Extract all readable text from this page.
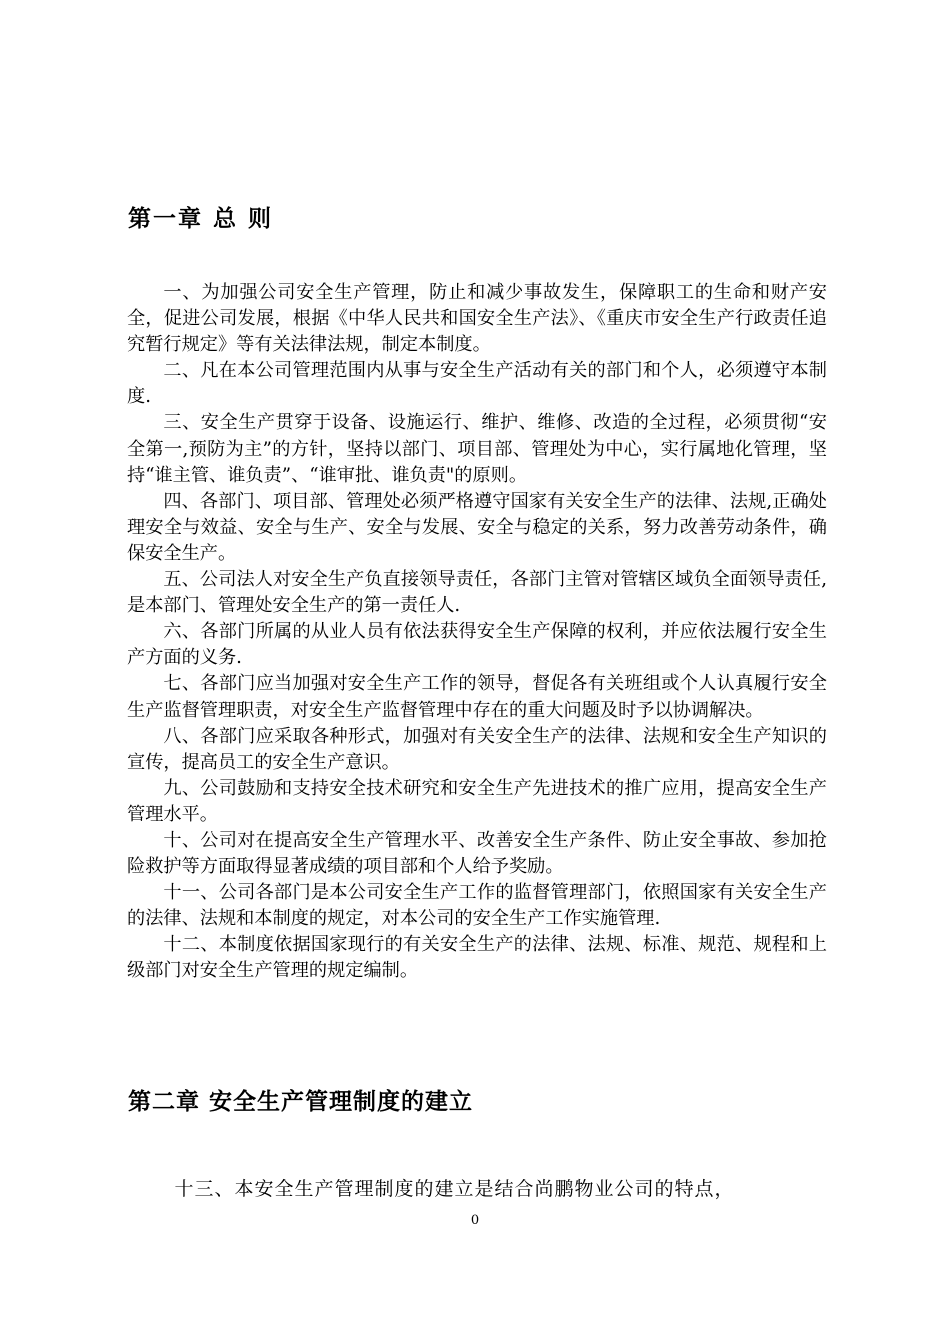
第一章 总 则

一、为加强公司安全生产管理，防止和减少事故发生，保障职工的生命和财产安全，促进公司发展，根据《中华人民共和国安全生产法》、《重庆市安全生产行政责任追究暂行规定》等有关法律法规，制定本制度。

二、凡在本公司管理范围内从事与安全生产活动有关的部门和个人，必须遵守本制度.

三、安全生产贯穿于设备、设施运行、维护、维修、改造的全过程，必须贯彻“安全第一,预防为主”的方针，坚持以部门、项目部、管理处为中心，实行属地化管理，坚持“谁主管、谁负责”、“谁审批、谁负责"的原则。

四、各部门、项目部、管理处必须严格遵守国家有关安全生产的法律、法规,正确处理安全与效益、安全与生产、安全与发展、安全与稳定的关系，努力改善劳动条件，确保安全生产。

五、公司法人对安全生产负直接领导责任，各部门主管对管辖区域负全面领导责任,是本部门、管理处安全生产的第一责任人.

六、各部门所属的从业人员有依法获得安全生产保障的权利，并应依法履行安全生产方面的义务.

七、各部门应当加强对安全生产工作的领导，督促各有关班组或个人认真履行安全生产监督管理职责，对安全生产监督管理中存在的重大问题及时予以协调解决。

八、各部门应采取各种形式，加强对有关安全生产的法律、法规和安全生产知识的宣传，提高员工的安全生产意识。

九、公司鼓励和支持安全技术研究和安全生产先进技术的推广应用，提高安全生产管理水平。

十、公司对在提高安全生产管理水平、改善安全生产条件、防止安全事故、参加抢险救护等方面取得显著成绩的项目部和个人给予奖励。

十一、公司各部门是本公司安全生产工作的监督管理部门，依照国家有关安全生产的法律、法规和本制度的规定，对本公司的安全生产工作实施管理.

十二、本制度依据国家现行的有关安全生产的法律、法规、标准、规范、规程和上级部门对安全生产管理的规定编制。

第二章 安全生产管理制度的建立

十三、本安全生产管理制度的建立是结合尚鹏物业公司的特点，

0
